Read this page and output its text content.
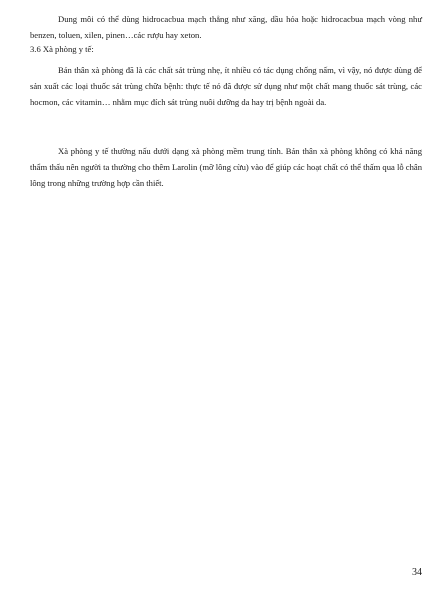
Dung môi có thể dùng hidrocacbua mạch thẳng như xăng, dầu hỏa hoặc hidrocacbua mạch vòng như benzen, toluen, xilen, pinen…các rượu hay xeton.

3.6 Xà phòng y tế:

Bản thân xà phòng đã là các chất sát trùng nhẹ, ít nhiều có tác dụng chống nấm, vì vậy, nó được dùng để sản xuất các loại thuốc sát trùng chữa bệnh: thực tế nó đã được sử dụng như một chất mang thuốc sát trùng, các hocmon, các vitamin… nhằm mục đích sát trùng nuôi dưỡng da hay trị bệnh ngoài da.

Xà phòng y tế thường nấu dưới dạng xà phòng mềm trung tính. Bản thân xà phòng không có khả năng thẩm thấu nên người ta thường cho thêm Larolin (mỡ lông cừu) vào để giúp các hoạt chất có thể thấm qua lỗ chân lông trong những trường hợp cần thiết.

34
